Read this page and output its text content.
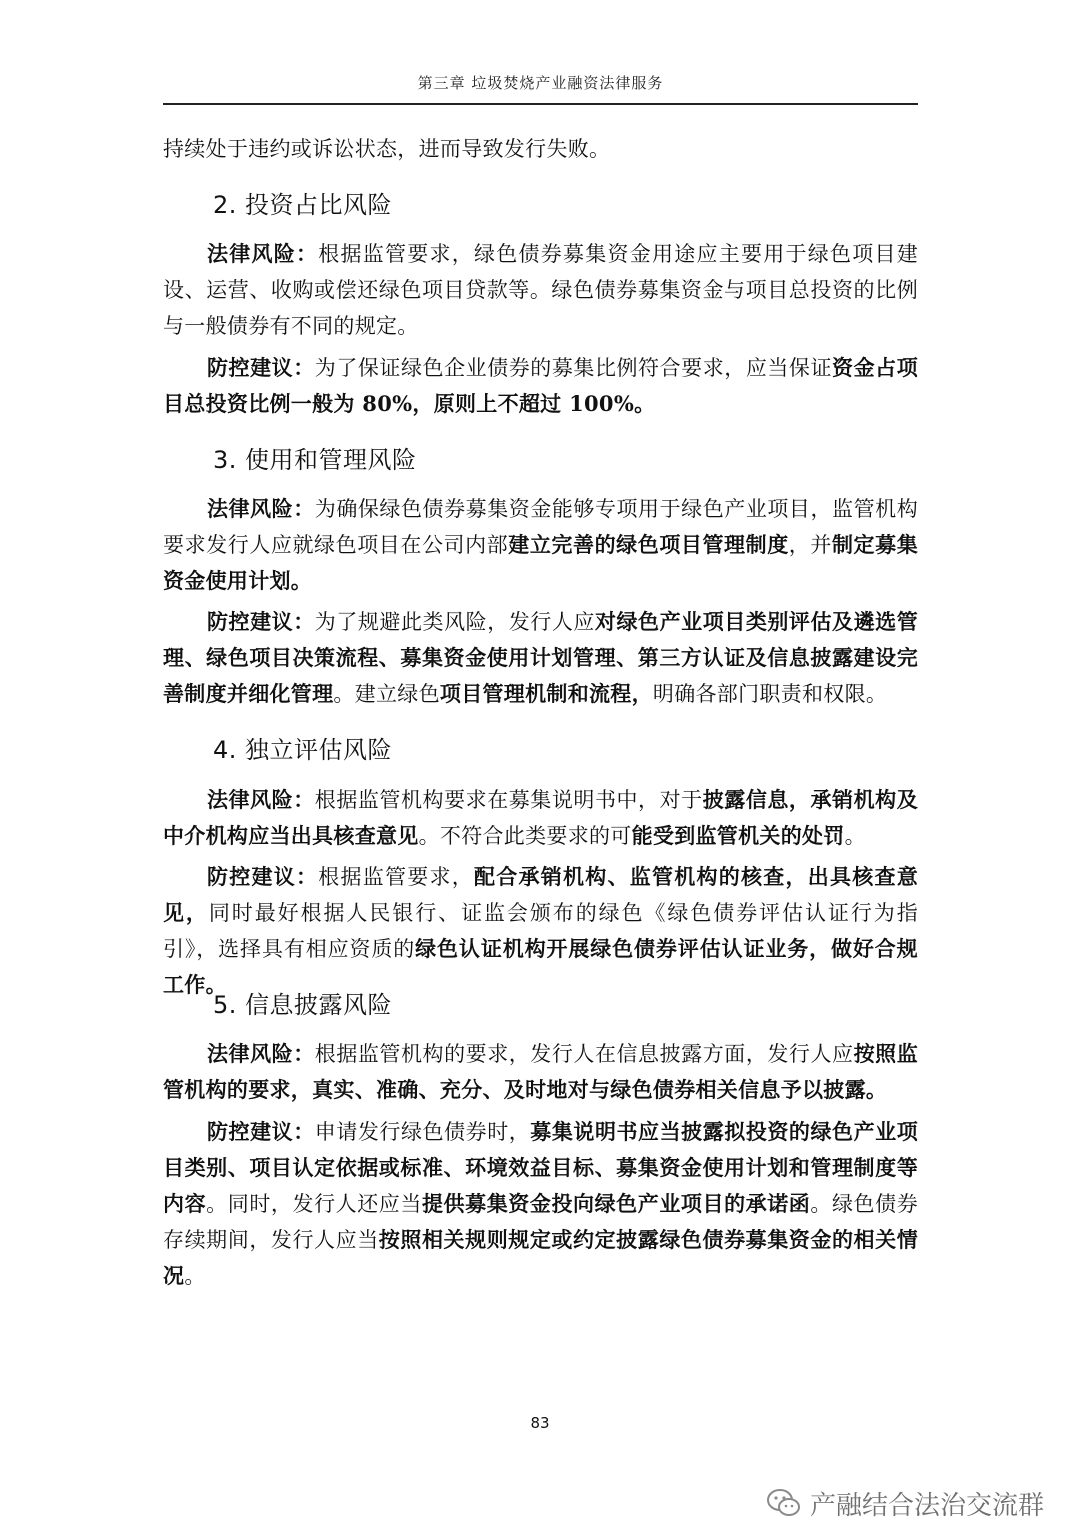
第三章 垃圾焚烧产业融资法律服务
持续处于违约或诉讼状态，进而导致发行失败。
2. 投资占比风险
法律风险：根据监管要求，绿色债券募集资金用途应主要用于绿色项目建设、运营、收购或偿还绿色项目贷款等。绿色债券募集资金与项目总投资的比例与一般债券有不同的规定。
防控建议：为了保证绿色企业债券的募集比例符合要求，应当保证资金占项目总投资比例一般为 80%，原则上不超过 100%。
3. 使用和管理风险
法律风险：为确保绿色债券募集资金能够专项用于绿色产业项目，监管机构要求发行人应就绿色项目在公司内部建立完善的绿色项目管理制度，并制定募集资金使用计划。
防控建议：为了规避此类风险，发行人应对绿色产业项目类别评估及遴选管理、绿色项目决策流程、募集资金使用计划管理、第三方认证及信息披露建设完善制度并细化管理。建立绿色项目管理机制和流程，明确各部门职责和权限。
4. 独立评估风险
法律风险：根据监管机构要求在募集说明书中，对于披露信息，承销机构及中介机构应当出具核查意见。不符合此类要求的可能受到监管机关的处罚。
防控建议：根据监管要求，配合承销机构、监管机构的核查，出具核查意见，同时最好根据人民银行、证监会颁布的绿色《绿色债券评估认证行为指引》，选择具有相应资质的绿色认证机构开展绿色债券评估认证业务，做好合规工作。
5. 信息披露风险
法律风险：根据监管机构的要求，发行人在信息披露方面，发行人应按照监管机构的要求，真实、准确、充分、及时地对与绿色债券相关信息予以披露。
防控建议：申请发行绿色债券时，募集说明书应当披露拟投资的绿色产业项目类别、项目认定依据或标准、环境效益目标、募集资金使用计划和管理制度等内容。同时，发行人还应当提供募集资金投向绿色产业项目的承诺函。绿色债券存续期间，发行人应当按照相关规则规定或约定披露绿色债券募集资金的相关情况。
83
产融结合法治交流群
